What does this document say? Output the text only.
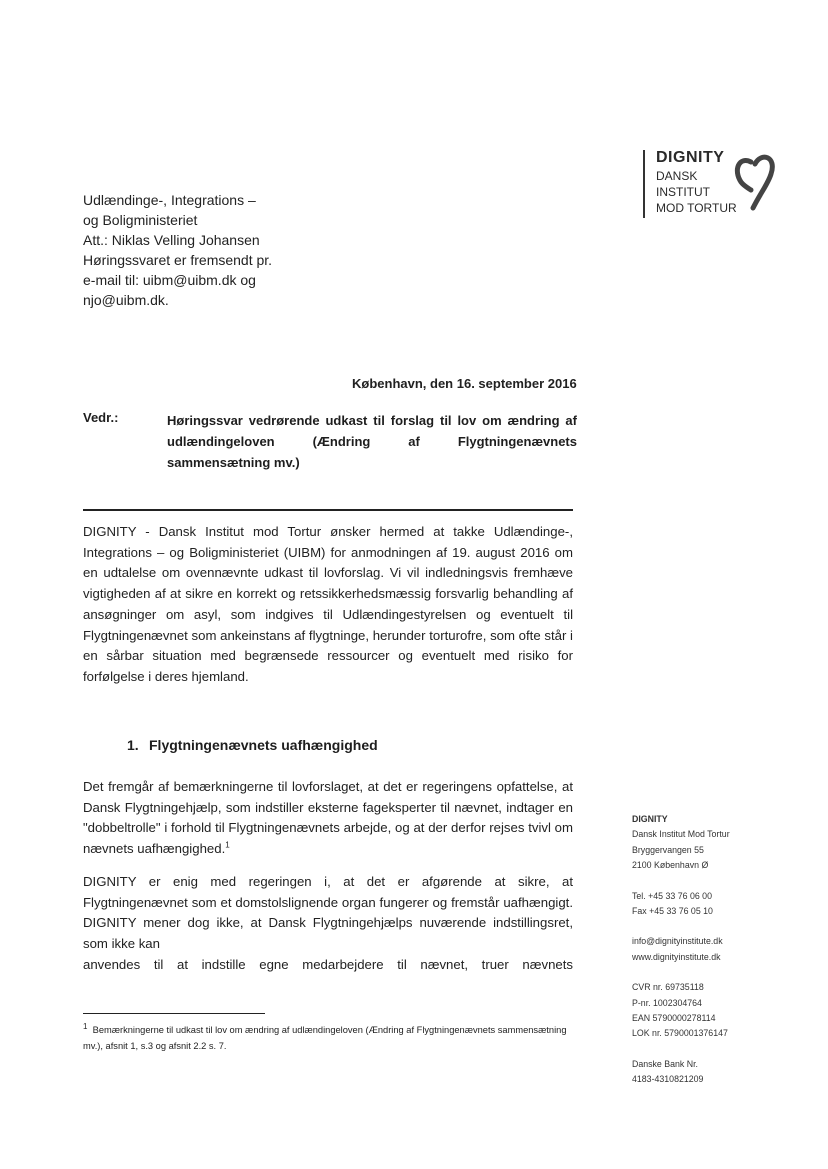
DIGNITY
DANSK
INSTITUT
MOD TORTUR
Udlændinge-, Integrations –
og Boligministeriet
Att.: Niklas Velling Johansen
Høringssvaret er fremsendt pr.
e-mail til: uibm@uibm.dk og
njo@uibm.dk.
København, den 16. september 2016
Vedr.:	Høringssvar vedrørende udkast til forslag til lov om ændring af udlændingeloven (Ændring af Flygtningenævnets sammensætning mv.)
DIGNITY - Dansk Institut mod Tortur ønsker hermed at takke Udlændinge-, Integrations – og Boligministeriet (UIBM) for anmodningen af 19. august 2016 om en udtalelse om ovennævnte udkast til lovforslag. Vi vil indledningsvis fremhæve vigtigheden af at sikre en korrekt og retssikkerhedsmæssig forsvarlig behandling af ansøgninger om asyl, som indgives til Udlændingestyrelsen og eventuelt til Flygtningenævnet som ankeinstans af flygtninge, herunder torturofre, som ofte står i en sårbar situation med begrænsede ressourcer og eventuelt med risiko for forfølgelse i deres hjemland.
1. Flygtningenævnets uafhængighed
Det fremgår af bemærkningerne til lovforslaget, at det er regeringens opfattelse, at Dansk Flygtningehjælp, som indstiller eksterne fageksperter til nævnet, indtager en "dobbeltrolle" i forhold til Flygtningenævnets arbejde, og at der derfor rejses tvivl om nævnets uafhængighed.$^1$
DIGNITY er enig med regeringen i, at det er afgørende at sikre, at Flygtningenævnet som et domstolslignende organ fungerer og fremstår uafhængigt. DIGNITY mener dog ikke, at Dansk Flygtningehjælps nuværende indstillingsret, som ikke kan
anvendes til at indstille egne medarbejdere til nævnet, truer nævnets
$^1$ Bemærkningerne til udkast til lov om ændring af udlændingeloven (Ændring af Flygtningenævnets sammensætning mv.), afsnit 1, s.3 og afsnit 2.2 s. 7.
DIGNITY
Dansk Institut Mod Tortur
Bryggervangen 55
2100 København Ø
Tel. +45 33 76 06 00
Fax +45 33 76 05 10
info@dignityinstitute.dk
www.dignityinstitute.dk
CVR nr. 69735118
P-nr. 1002304764
EAN 5790000278114
LOK nr. 5790001376147
Danske Bank Nr.
4183-4310821209
